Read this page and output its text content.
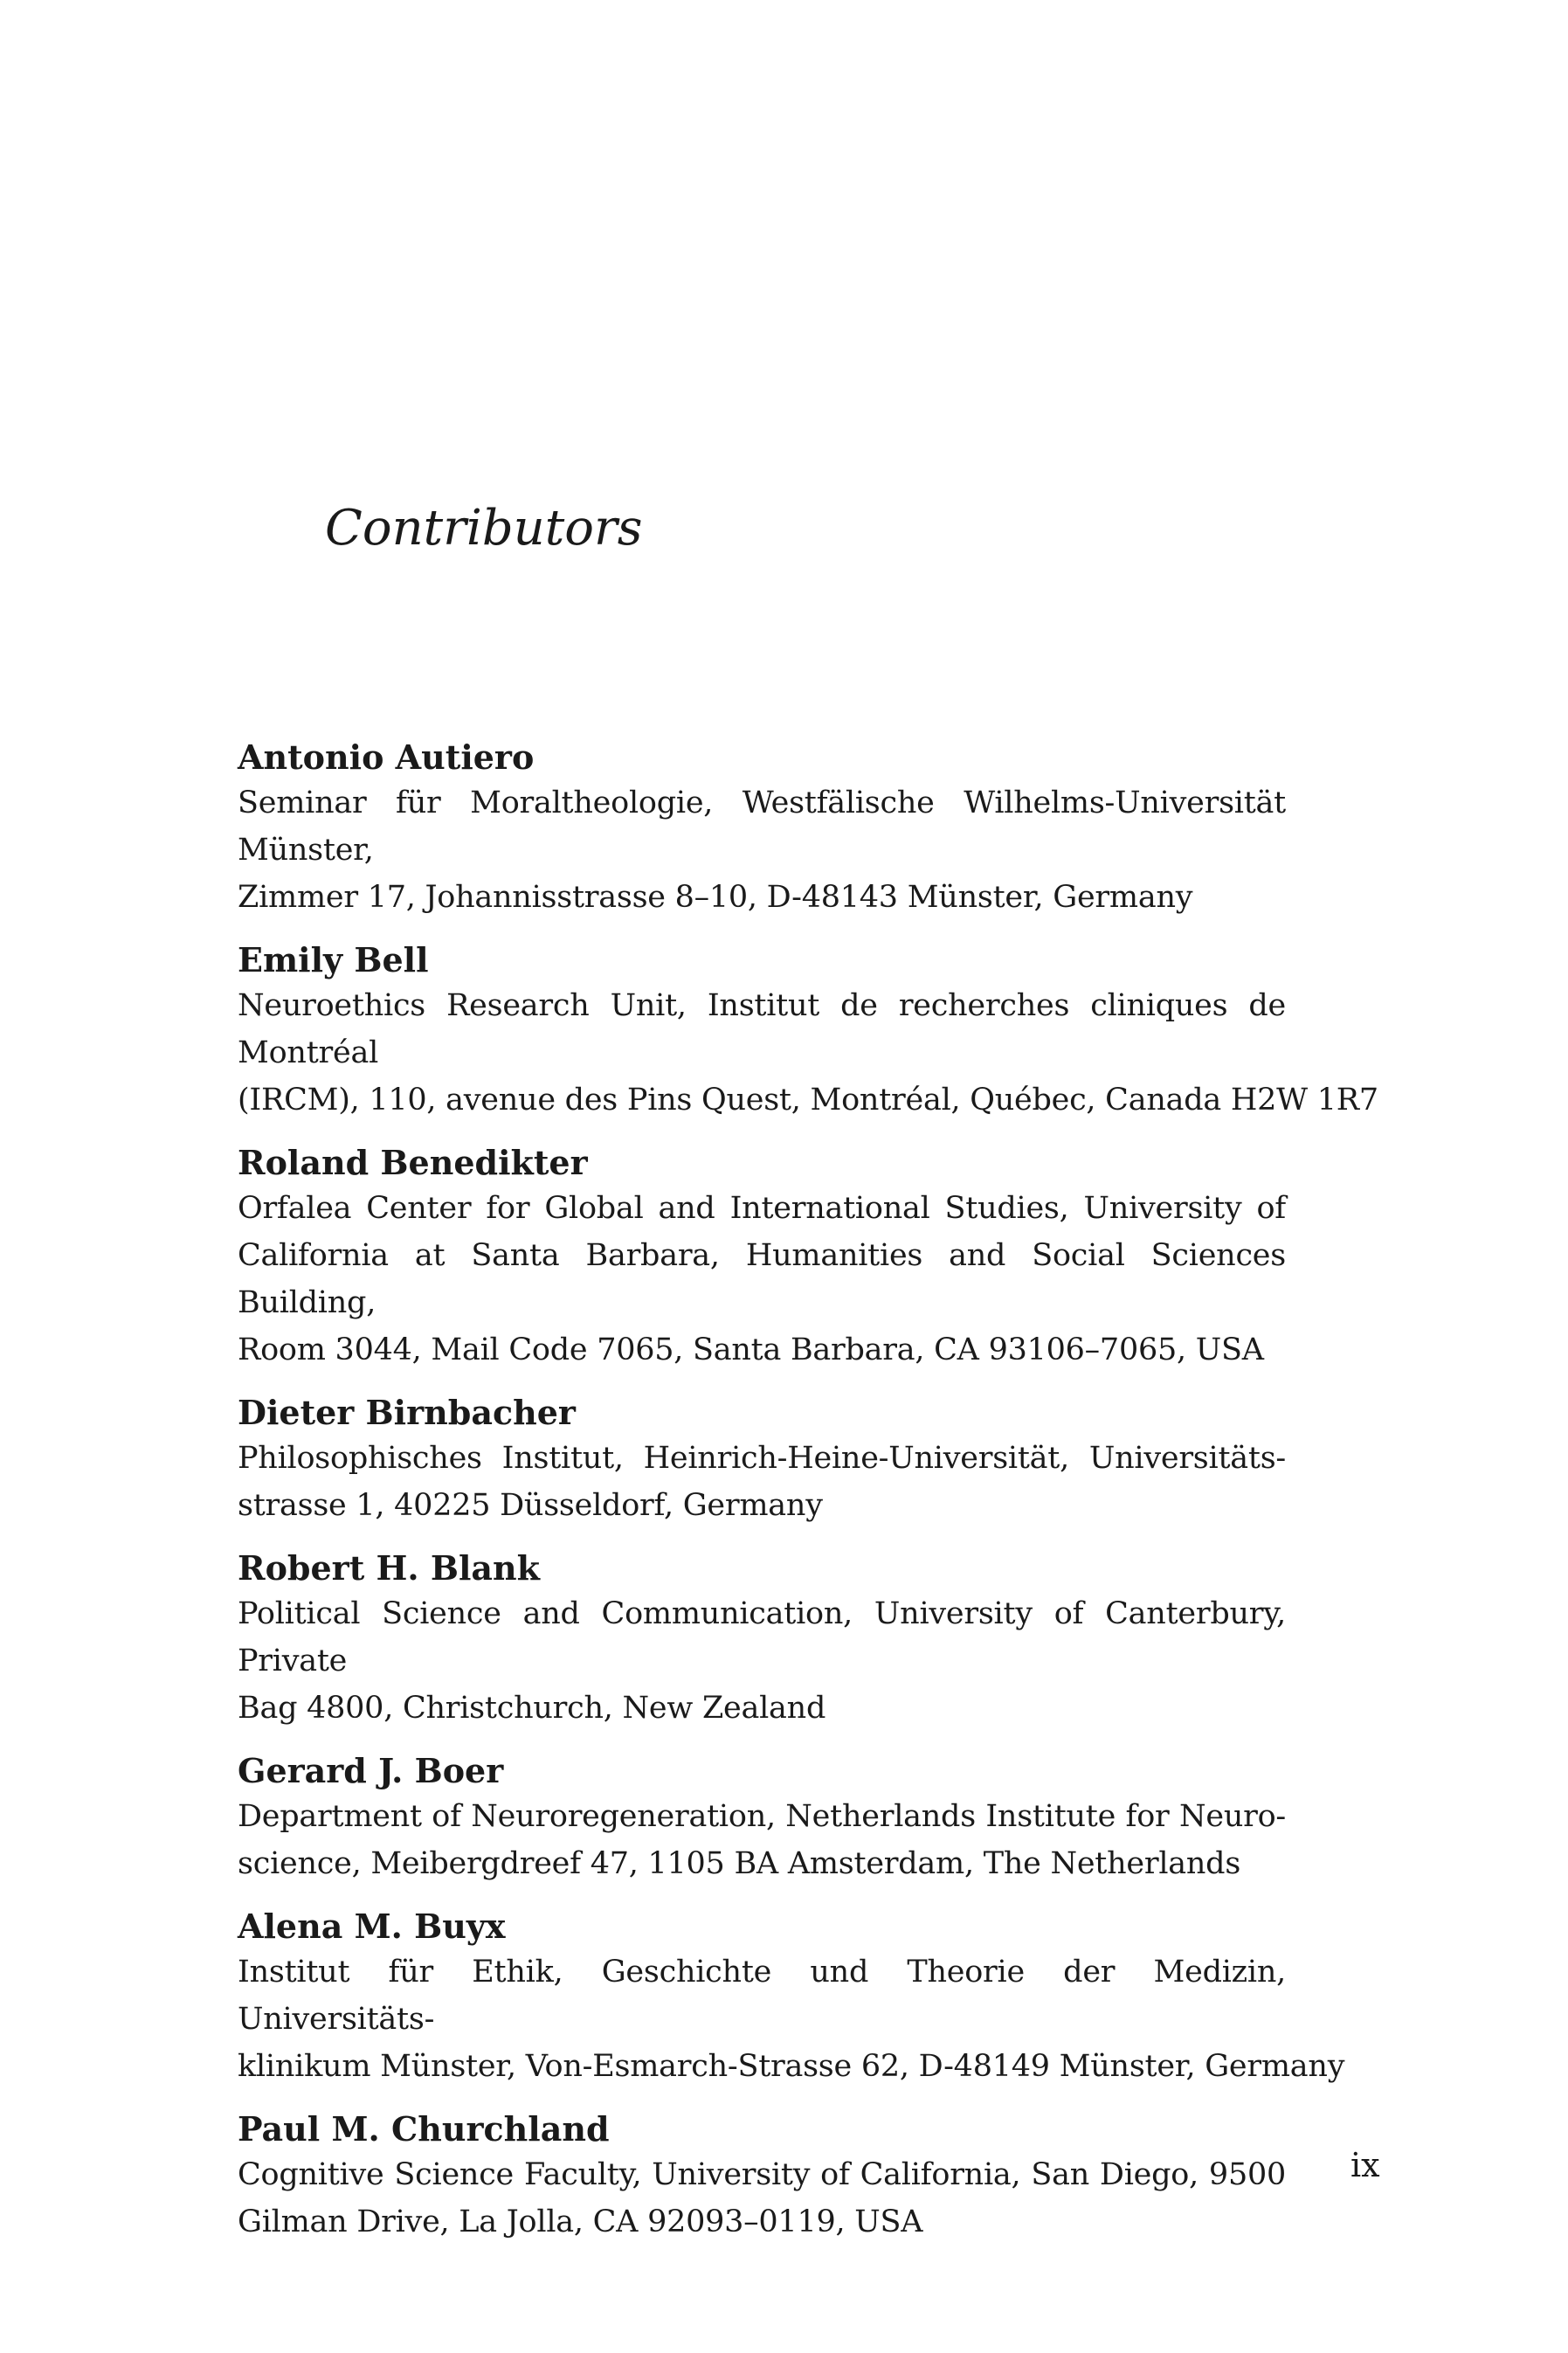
Contributors
Antonio Autiero
Seminar für Moraltheologie, Westfälische Wilhelms-Universität Münster,
Zimmer 17, Johannisstrasse 8–10, D-48143 Münster, Germany
Emily Bell
Neuroethics Research Unit, Institut de recherches cliniques de Montréal
(IRCM), 110, avenue des Pins Quest, Montréal, Québec, Canada H2W 1R7
Roland Benedikter
Orfalea Center for Global and International Studies, University of
California at Santa Barbara, Humanities and Social Sciences Building,
Room 3044, Mail Code 7065, Santa Barbara, CA 93106–7065, USA
Dieter Birnbacher
Philosophisches Institut, Heinrich-Heine-Universität, Universitäts-
strasse 1, 40225 Düsseldorf, Germany
Robert H. Blank
Political Science and Communication, University of Canterbury, Private
Bag 4800, Christchurch, New Zealand
Gerard J. Boer
Department of Neuroregeneration, Netherlands Institute for Neuro-
science, Meibergdreef 47, 1105 BA Amsterdam, The Netherlands
Alena M. Buyx
Institut für Ethik, Geschichte und Theorie der Medizin, Universitäts-
klinikum Münster, Von-Esmarch-Strasse 62, D-48149 Münster, Germany
Paul M. Churchland
Cognitive Science Faculty, University of California, San Diego, 9500
Gilman Drive, La Jolla, CA 92093–0119, USA
ix
